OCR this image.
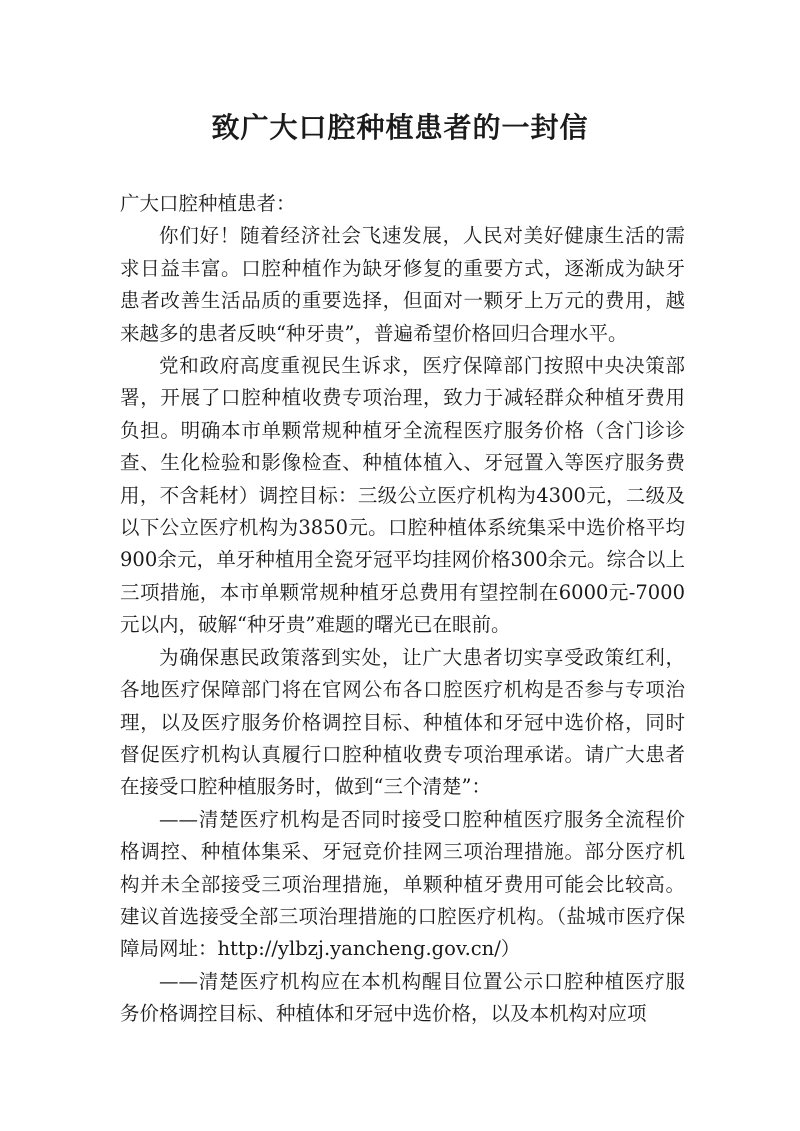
致广大口腔种植患者的一封信

广大口腔种植患者：

你们好！随着经济社会飞速发展，人民对美好健康生活的需求日益丰富。口腔种植作为缺牙修复的重要方式，逐渐成为缺牙患者改善生活品质的重要选择，但面对一颗牙上万元的费用，越来越多的患者反映“种牙贵”，普遍希望价格回归合理水平。

党和政府高度重视民生诉求，医疗保障部门按照中央决策部署，开展了口腔种植收费专项治理，致力于减轻群众种植牙费用负担。明确本市单颗常规种植牙全流程医疗服务价格（含门诊诊查、生化检验和影像检查、种植体植入、牙冠置入等医疗服务费用，不含耗材）调控目标：三级公立医疗机构为4300元，二级及以下公立医疗机构为3850元。口腔种植体系统集采中选价格平均900余元，单牙种植用全瓷牙冠平均挂网价格300余元。综合以上三项措施，本市单颗常规种植牙总费用有望控制在6000元-7000元以内，破解“种牙贵”难题的曙光已在眼前。

为确保惠民政策落到实处，让广大患者切实享受政策红利，各地医疗保障部门将在官网公布各口腔医疗机构是否参与专项治理，以及医疗服务价格调控目标、种植体和牙冠中选价格，同时督促医疗机构认真履行口腔种植收费专项治理承诺。请广大患者在接受口腔种植服务时，做到“三个清楚”：

——清楚医疗机构是否同时接受口腔种植医疗服务全流程价格调控、种植体集采、牙冠竞价挂网三项治理措施。部分医疗机构并未全部接受三项治理措施，单颗种植牙费用可能会比较高。建议首选接受全部三项治理措施的口腔医疗机构。（盐城市医疗保障局网址：http://ylbzj.yancheng.gov.cn/）

——清楚医疗机构应在本机构醒目位置公示口腔种植医疗服务价格调控目标、种植体和牙冠中选价格，以及本机构对应项
